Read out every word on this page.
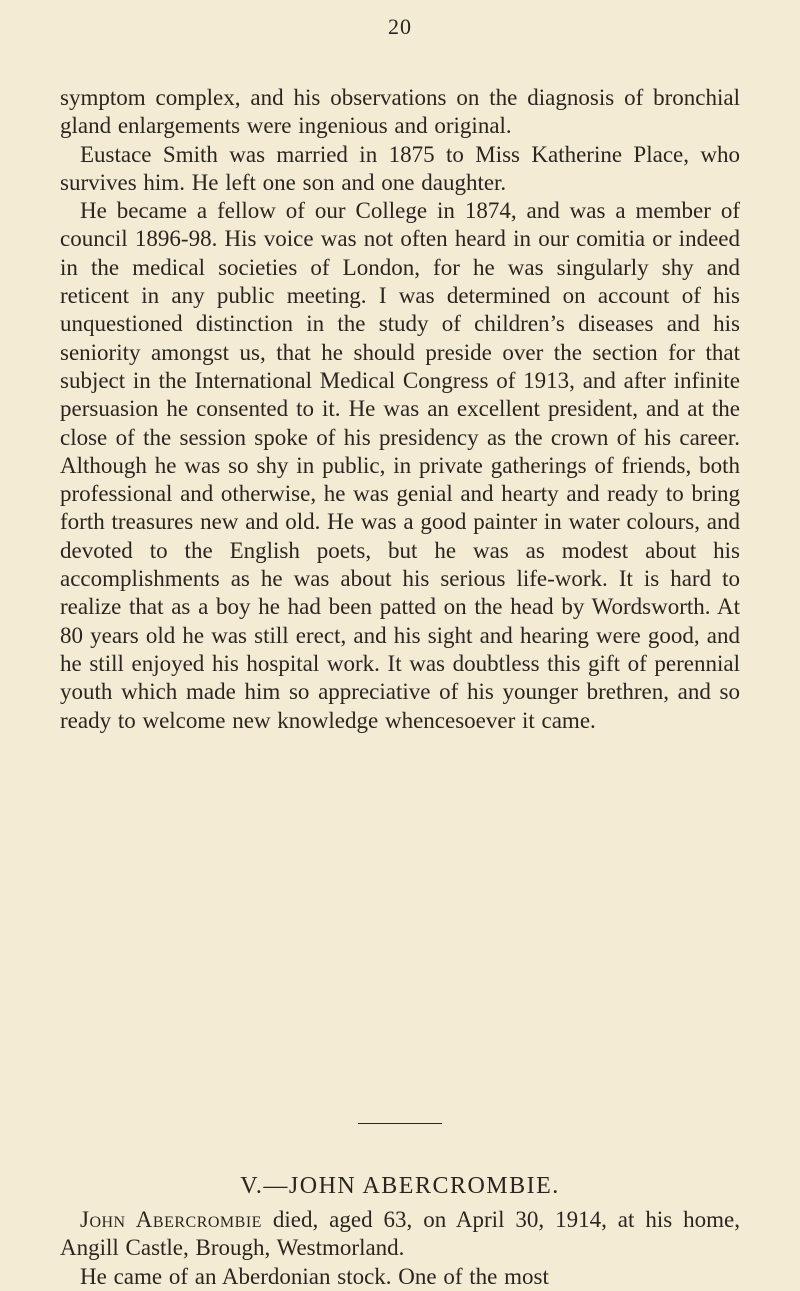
20

symptom complex, and his observations on the diagnosis of bronchial gland enlargements were ingenious and original.

Eustace Smith was married in 1875 to Miss Katherine Place, who survives him. He left one son and one daughter.

He became a fellow of our College in 1874, and was a member of council 1896-98. His voice was not often heard in our comitia or indeed in the medical societies of London, for he was singularly shy and reticent in any public meeting. I was determined on account of his unquestioned distinction in the study of children’s diseases and his seniority amongst us, that he should preside over the section for that subject in the International Medical Congress of 1913, and after infinite persuasion he consented to it. He was an excellent president, and at the close of the session spoke of his presidency as the crown of his career. Although he was so shy in public, in private gatherings of friends, both professional and otherwise, he was genial and hearty and ready to bring forth treasures new and old. He was a good painter in water colours, and devoted to the English poets, but he was as modest about his accomplishments as he was about his serious life-work. It is hard to realize that as a boy he had been patted on the head by Wordsworth. At 80 years old he was still erect, and his sight and hearing were good, and he still enjoyed his hospital work. It was doubtless this gift of perennial youth which made him so appreciative of his younger brethren, and so ready to welcome new knowledge whencesoever it came.

V.—JOHN ABERCROMBIE.

John Abercrombie died, aged 63, on April 30, 1914, at his home, Angill Castle, Brough, Westmorland.

He came of an Aberdonian stock. One of the most
